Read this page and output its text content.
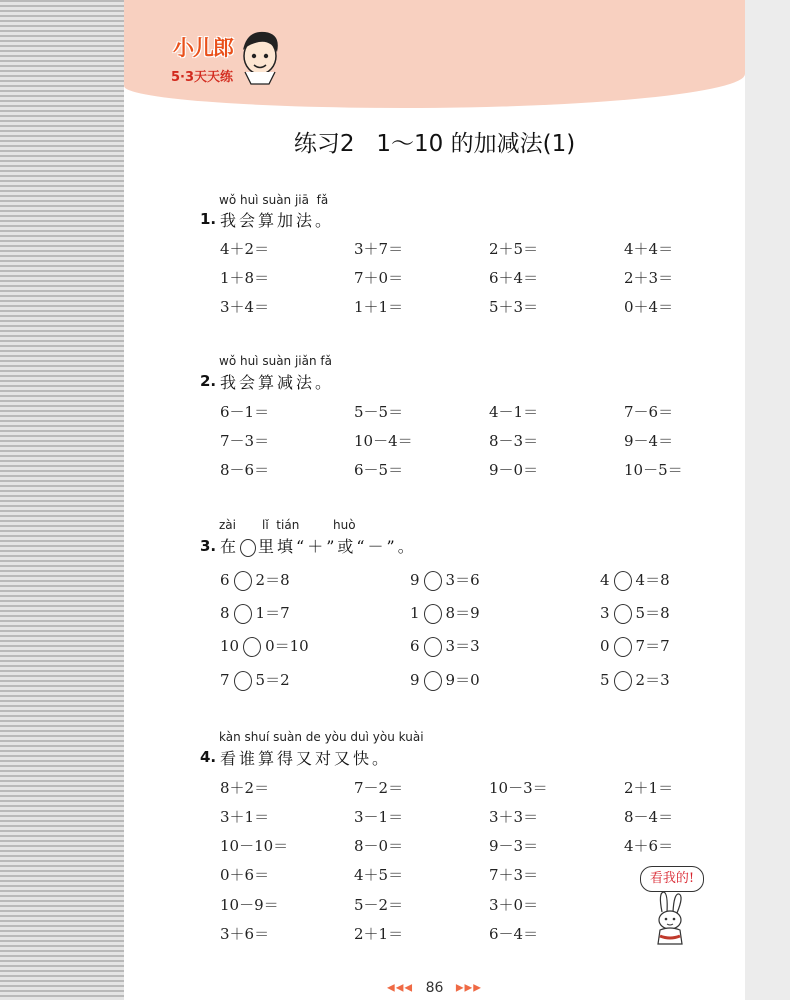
小儿郎
5·3天天练
练习2   1～10 的加减法(1)
wǒ huì suàn jiā  fǎ
1. 我会算加法。
4＋2＝	3＋7＝	2＋5＝	4＋4＝
1＋8＝	7＋0＝	6＋4＝	2＋3＝
3＋4＝	1＋1＝	5＋3＝	0＋4＝
wǒ huì suàn jiǎn fǎ
2. 我会算减法。
6－1＝	5－5＝	4－1＝	7－6＝
7－3＝	10－4＝	8－3＝	9－4＝
8－6＝	6－5＝	9－0＝	10－5＝
zài lǐ  tián	huò
3. 在 里填“＋”或“－”。
6 2＝8	9 3＝6	4 4＝8
8 1＝7	1 8＝9	3 5＝8
10 0＝10	6 3＝3	0 7＝7
7 5＝2	9 9＝0	5 2＝3
kàn shuí suàn de yòu duì yòu kuài
4. 看谁算得又对又快。
8＋2＝	7－2＝	10－3＝	2＋1＝
3＋1＝	3－1＝	3＋3＝	8－4＝
10－10＝	8－0＝	9－3＝	4＋6＝
0＋6＝	4＋5＝	7＋3＝
10－9＝	5－2＝	3＋0＝
3＋6＝	2＋1＝	6－4＝
看我的!
◀◀◀ 86 ▶▶▶
